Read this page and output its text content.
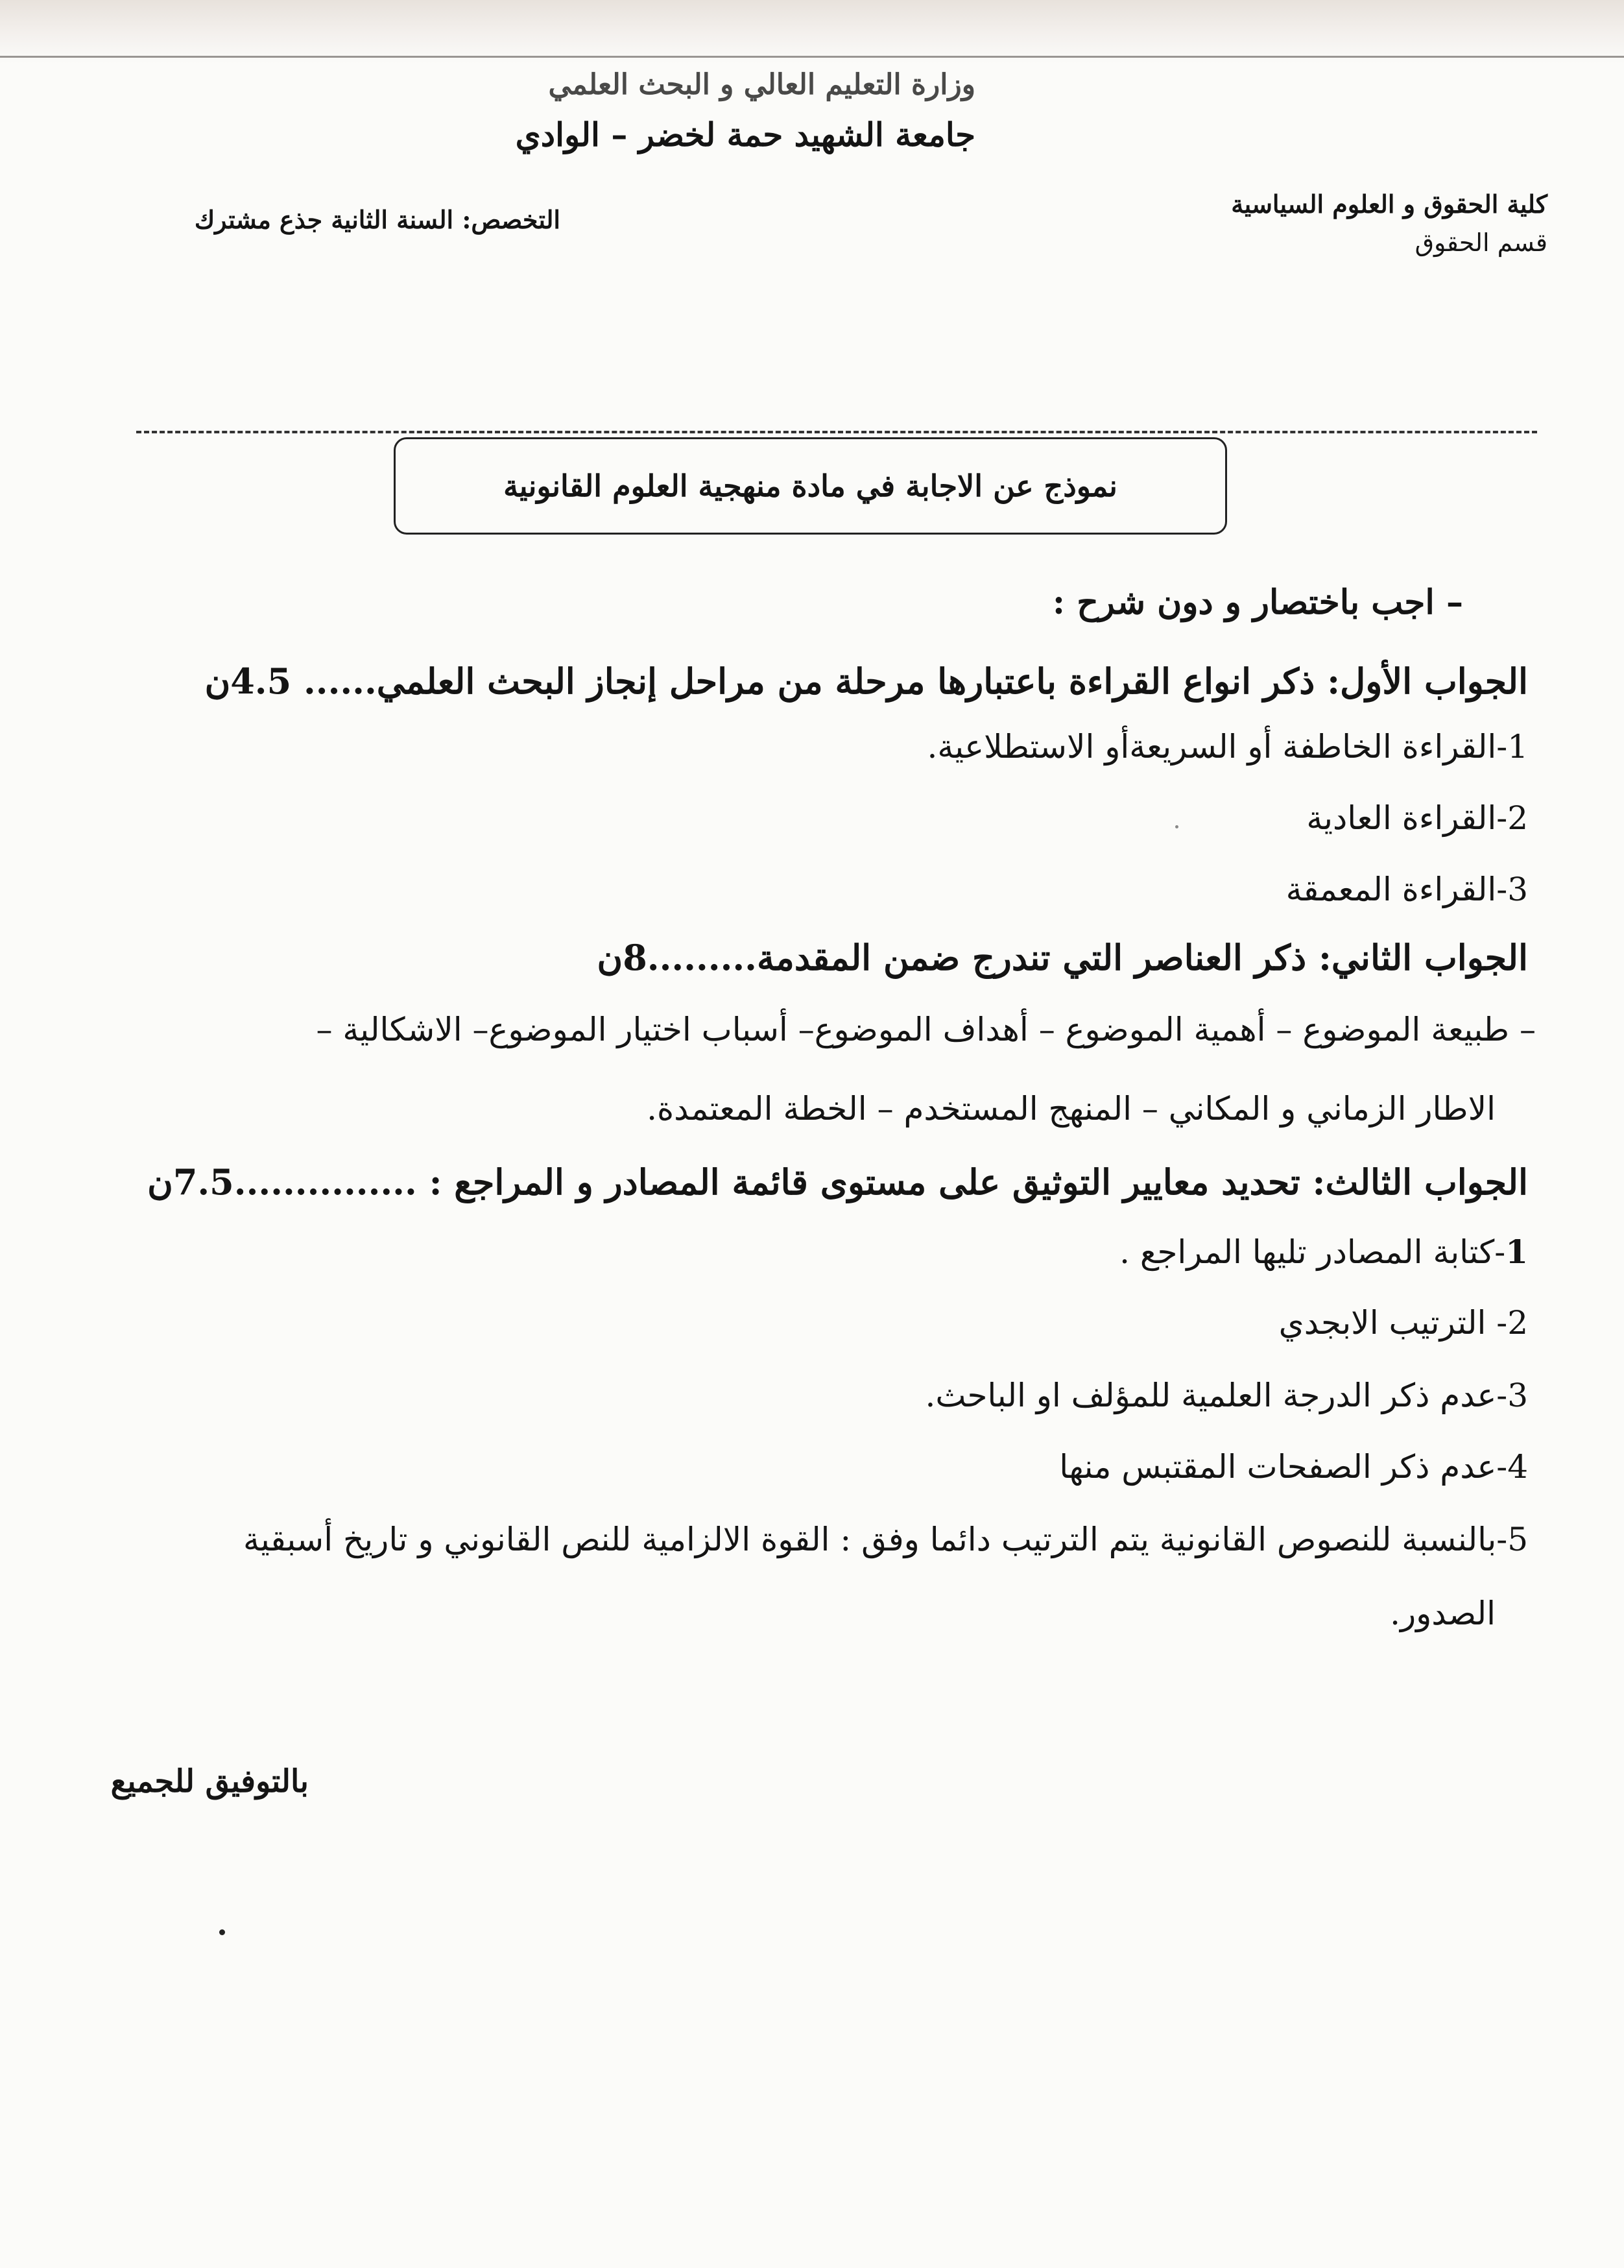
وزارة التعليم العالي و البحث العلمي
جامعة الشهيد حمة لخضر – الوادي
كلية الحقوق و العلوم السياسية
قسم الحقوق
التخصص: السنة الثانية جذع مشترك
نموذج عن الاجابة في مادة منهجية العلوم القانونية
– اجب باختصار و دون شرح :
الجواب الأول: ذكر انواع القراءة باعتبارها مرحلة من مراحل إنجاز البحث العلمي...... 4.5ن
1-القراءة الخاطفة أو السريعةأو الاستطلاعية.
2-القراءة العادية
3-القراءة المعمقة
الجواب الثاني: ذكر العناصر التي تندرج ضمن المقدمة.........8ن
– طبيعة الموضوع – أهمية الموضوع – أهداف الموضوع– أسباب اختيار الموضوع– الاشكالية –
الاطار الزماني و المكاني – المنهج المستخدم – الخطة المعتمدة.
الجواب الثالث: تحديد معايير التوثيق على مستوى قائمة المصادر و المراجع : ...............7.5ن
1-كتابة المصادر تليها المراجع .
2- الترتيب الابجدي
3-عدم ذكر الدرجة العلمية للمؤلف او الباحث.
4-عدم ذكر الصفحات المقتبس منها
5-بالنسبة للنصوص القانونية يتم الترتيب دائما وفق : القوة الالزامية للنص القانوني و تاريخ أسبقية
الصدور.
بالتوفيق للجميع
